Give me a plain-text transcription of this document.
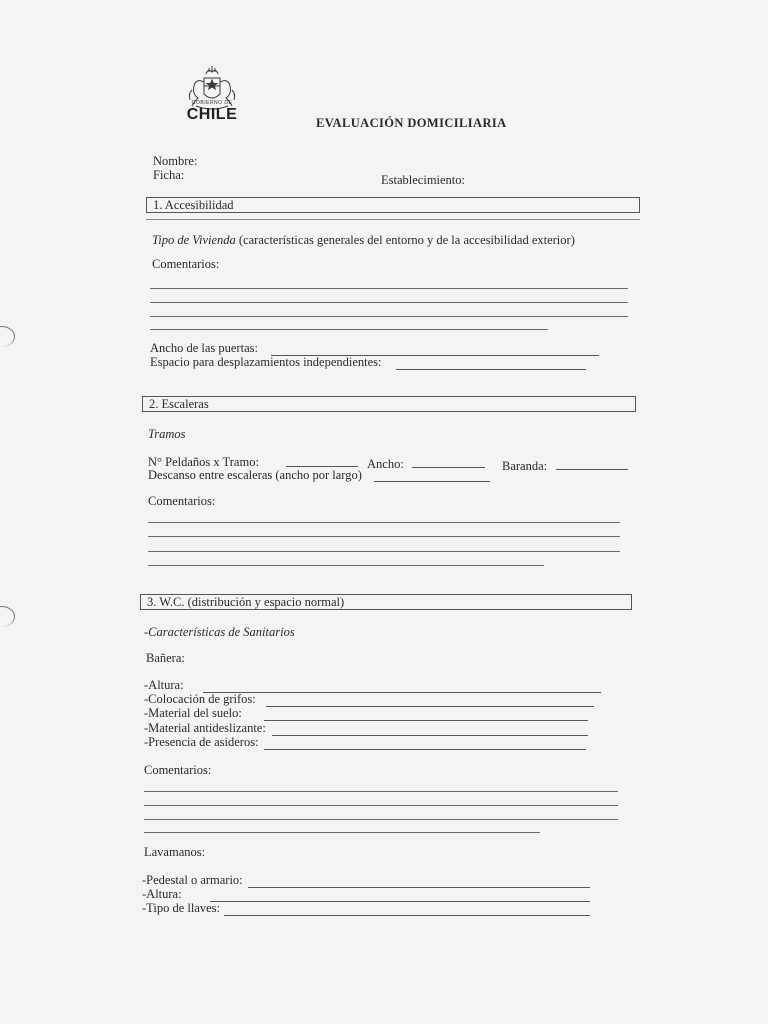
GOBIERNO DE
CHILE	EVALUACIÓN DOMICILIARIA
Nombre:
Ficha:	Establecimiento:
1. Accesibilidad
Tipo de Vivienda (características generales del entorno y de la accesibilidad exterior)
Comentarios:
Ancho de las puertas:
Espacio para desplazamientos independientes:
2. Escaleras
Tramos
N° Peldaños x Tramo:	Ancho:	Baranda:
Descanso entre escaleras (ancho por largo)
Comentarios:
3. W.C. (distribución y espacio normal)
-Características de Sanitarios
Bañera:
-Altura:
-Colocación de grifos:
-Material del suelo:
-Material antideslizante:
-Presencia de asideros:
Comentarios:
Lavamanos:
-Pedestal o armario:
-Altura:
-Tipo de llaves:
